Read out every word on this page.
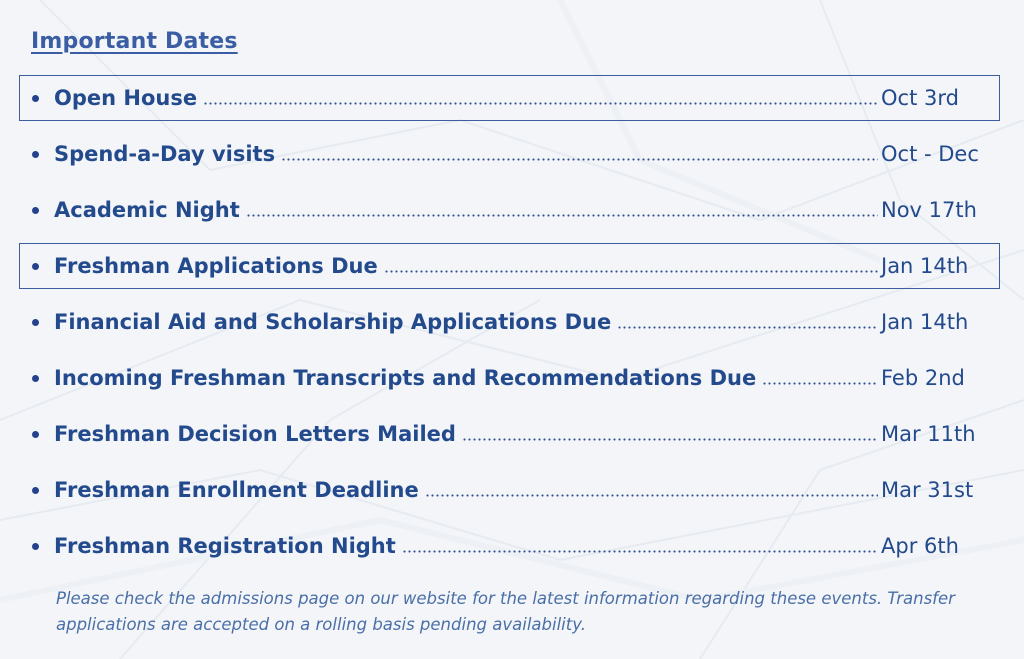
Important Dates
Open House	Oct 3rd
Spend-a-Day visits	Oct - Dec
Academic Night	Nov 17th
Freshman Applications Due	Jan 14th
Financial Aid and Scholarship Applications Due	Jan 14th
Incoming Freshman Transcripts and Recommendations Due	Feb 2nd
Freshman Decision Letters Mailed	Mar 11th
Freshman Enrollment Deadline	Mar 31st
Freshman Registration Night	Apr 6th

Please check the admissions page on our website for the latest information regarding these events. Transfer applications are accepted on a rolling basis pending availability.
